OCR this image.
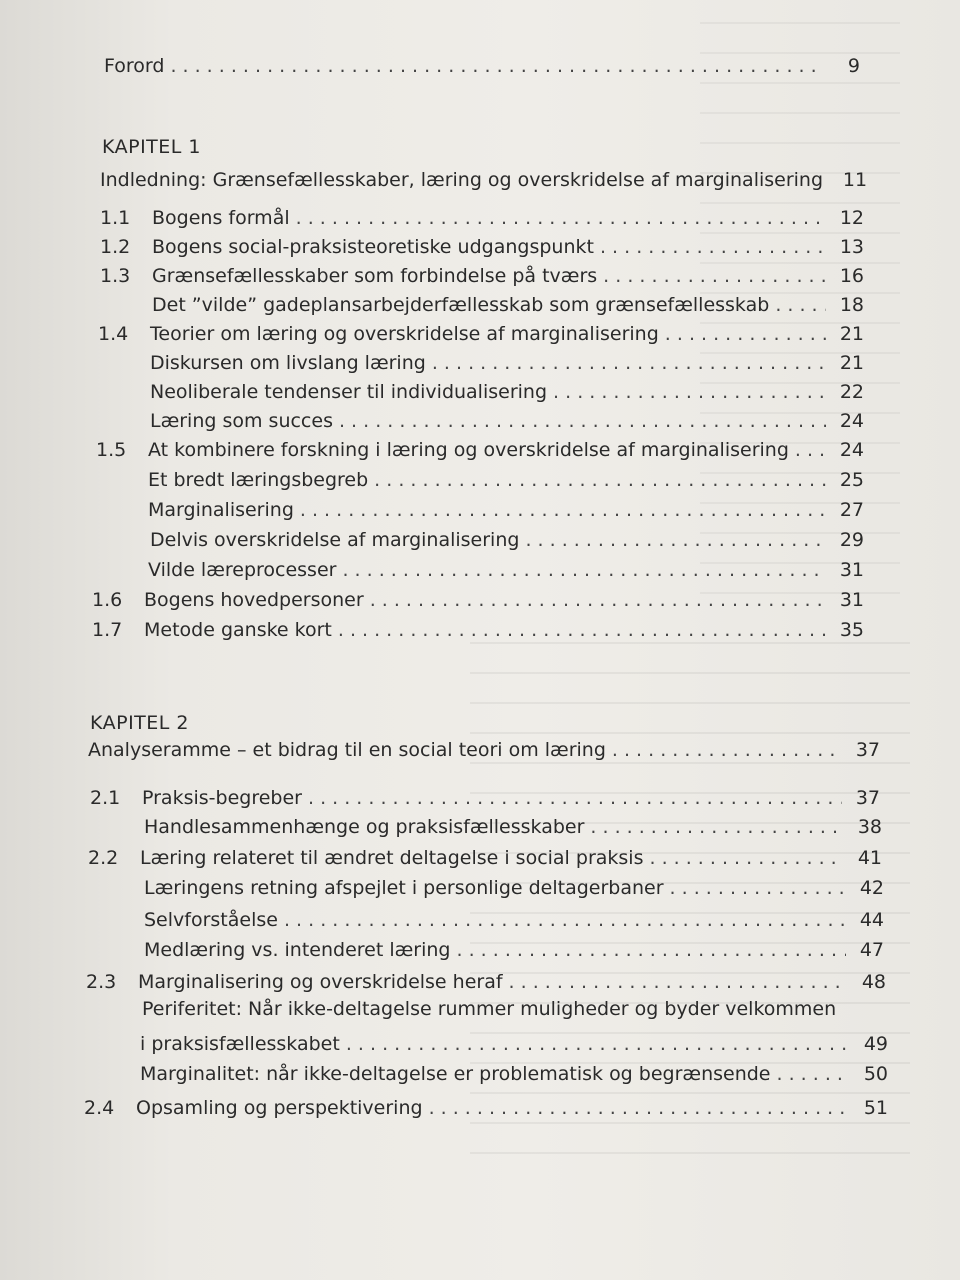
Forord . . .	9
KAPITEL 1
Indledning: Grænsefællesskaber, læring og overskridelse af marginalisering	11
1.1	Bogens formål . . .	12
1.2	Bogens social-praksisteoretiske udgangspunkt . . .	13
1.3	Grænsefællesskaber som forbindelse på tværs . . .	16
Det ”vilde” gadeplansarbejderfællesskab som grænsefællesskab . . .	18
1.4	Teorier om læring og overskridelse af marginalisering . . .	21
Diskursen om livslang læring . . .	21
Neoliberale tendenser til individualisering . . .	22
Læring som succes . . .	24
1.5	At kombinere forskning i læring og overskridelse af marginalisering . . .	24
Et bredt læringsbegreb . . .	25
Marginalisering . . .	27
Delvis overskridelse af marginalisering . . .	29
Vilde læreprocesser . . .	31
1.6	Bogens hovedpersoner . . .	31
1.7	Metode ganske kort . . .	35
KAPITEL 2
Analyseramme – et bidrag til en social teori om læring . . .	37
2.1	Praksis-begreber . . .	37
Handlesammenhænge og praksisfællesskaber . . .	38
2.2	Læring relateret til ændret deltagelse i social praksis . . .	41
Læringens retning afspejlet i personlige deltagerbaner . . .	42
Selvforståelse . . .	44
Medlæring vs. intenderet læring . . .	47
2.3	Marginalisering og overskridelse heraf . . .	48
Periferitet: Når ikke-deltagelse rummer muligheder og byder velkommen
i praksisfællesskabet . . .	49
Marginalitet: når ikke-deltagelse er problematisk og begrænsende . . .	50
2.4	Opsamling og perspektivering . . .	51
